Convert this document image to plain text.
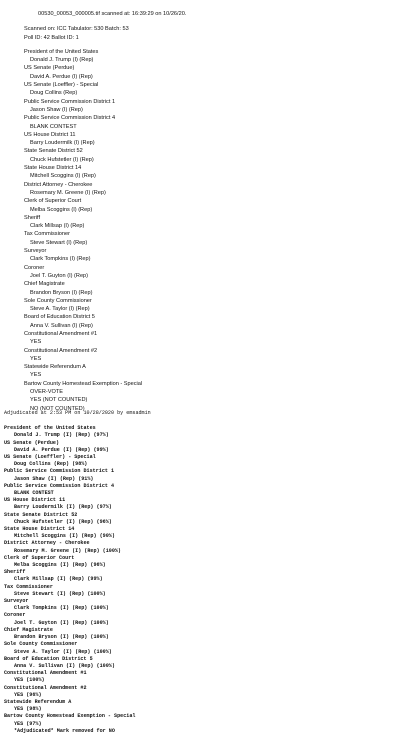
00530_00053_000005.tif scanned at: 16:39:29 on 10/26/20.
Scanned on: ICC Tabulator: 530 Batch: 53
Poll ID: 42 Ballot ID: 1
President of the United States
Donald J. Trump (I) (Rep)
US Senate (Perdue)
David A. Perdue (I) (Rep)
US Senate (Loeffler) - Special
Doug Collins (Rep)
Public Service Commission District 1
Jason Shaw (I) (Rep)
Public Service Commission District 4
BLANK CONTEST
US House District 11
Barry Loudermilk (I) (Rep)
State Senate District 52
Chuck Hufstetler (I) (Rep)
State House District 14
Mitchell Scoggins (I) (Rep)
District Attorney - Cherokee
Rosemary M. Greene (I) (Rep)
Clerk of Superior Court
Melba Scoggins (I) (Rep)
Sheriff
Clark Millsap (I) (Rep)
Tax Commissioner
Steve Stewart (I) (Rep)
Surveyor
Clark Tompkins (I) (Rep)
Coroner
Joel T. Guyton (I) (Rep)
Chief Magistrate
Brandon Bryson (I) (Rep)
Sole County Commissioner
Steve A. Taylor (I) (Rep)
Board of Education District 5
Anna V. Sullivan (I) (Rep)
Constitutional Amendment #1
YES
Constitutional Amendment #2
YES
Statewide Referendum A
YES
Bartow County Homestead Exemption - Special
OVER-VOTE
YES (NOT COUNTED)
NO (NOT COUNTED)
Adjudicated at 2:53 PM on 10/28/2020 by emsadmin
President of the United States
Donald J. Trump (I) (Rep) (97%)
US Senate (Perdue)
David A. Perdue (I) (Rep) (99%)
US Senate (Loeffler) - Special
Doug Collins (Rep) (98%)
Public Service Commission District 1
Jason Shaw (I) (Rep) (91%)
Public Service Commission District 4
BLANK CONTEST
US House District 11
Barry Loudermilk (I) (Rep) (97%)
State Senate District 52
Chuck Hufstetler (I) (Rep) (96%)
State House District 14
Mitchell Scoggins (I) (Rep) (90%)
District Attorney - Cherokee
Rosemary M. Greene (I) (Rep) (100%)
Clerk of Superior Court
Melba Scoggins (I) (Rep) (96%)
Sheriff
Clark Millsap (I) (Rep) (99%)
Tax Commissioner
Steve Stewart (I) (Rep) (100%)
Surveyor
Clark Tompkins (I) (Rep) (100%)
Coroner
Joel T. Guyton (I) (Rep) (100%)
Chief Magistrate
Brandon Bryson (I) (Rep) (100%)
Sole County Commissioner
Steve A. Taylor (I) (Rep) (100%)
Board of Education District 5
Anna V. Sullivan (I) (Rep) (100%)
Constitutional Amendment #1
YES (100%)
Constitutional Amendment #2
YES (96%)
Statewide Referendum A
YES (98%)
Bartow County Homestead Exemption - Special
YES (97%)
*Adjudicated* Mark removed for NO
